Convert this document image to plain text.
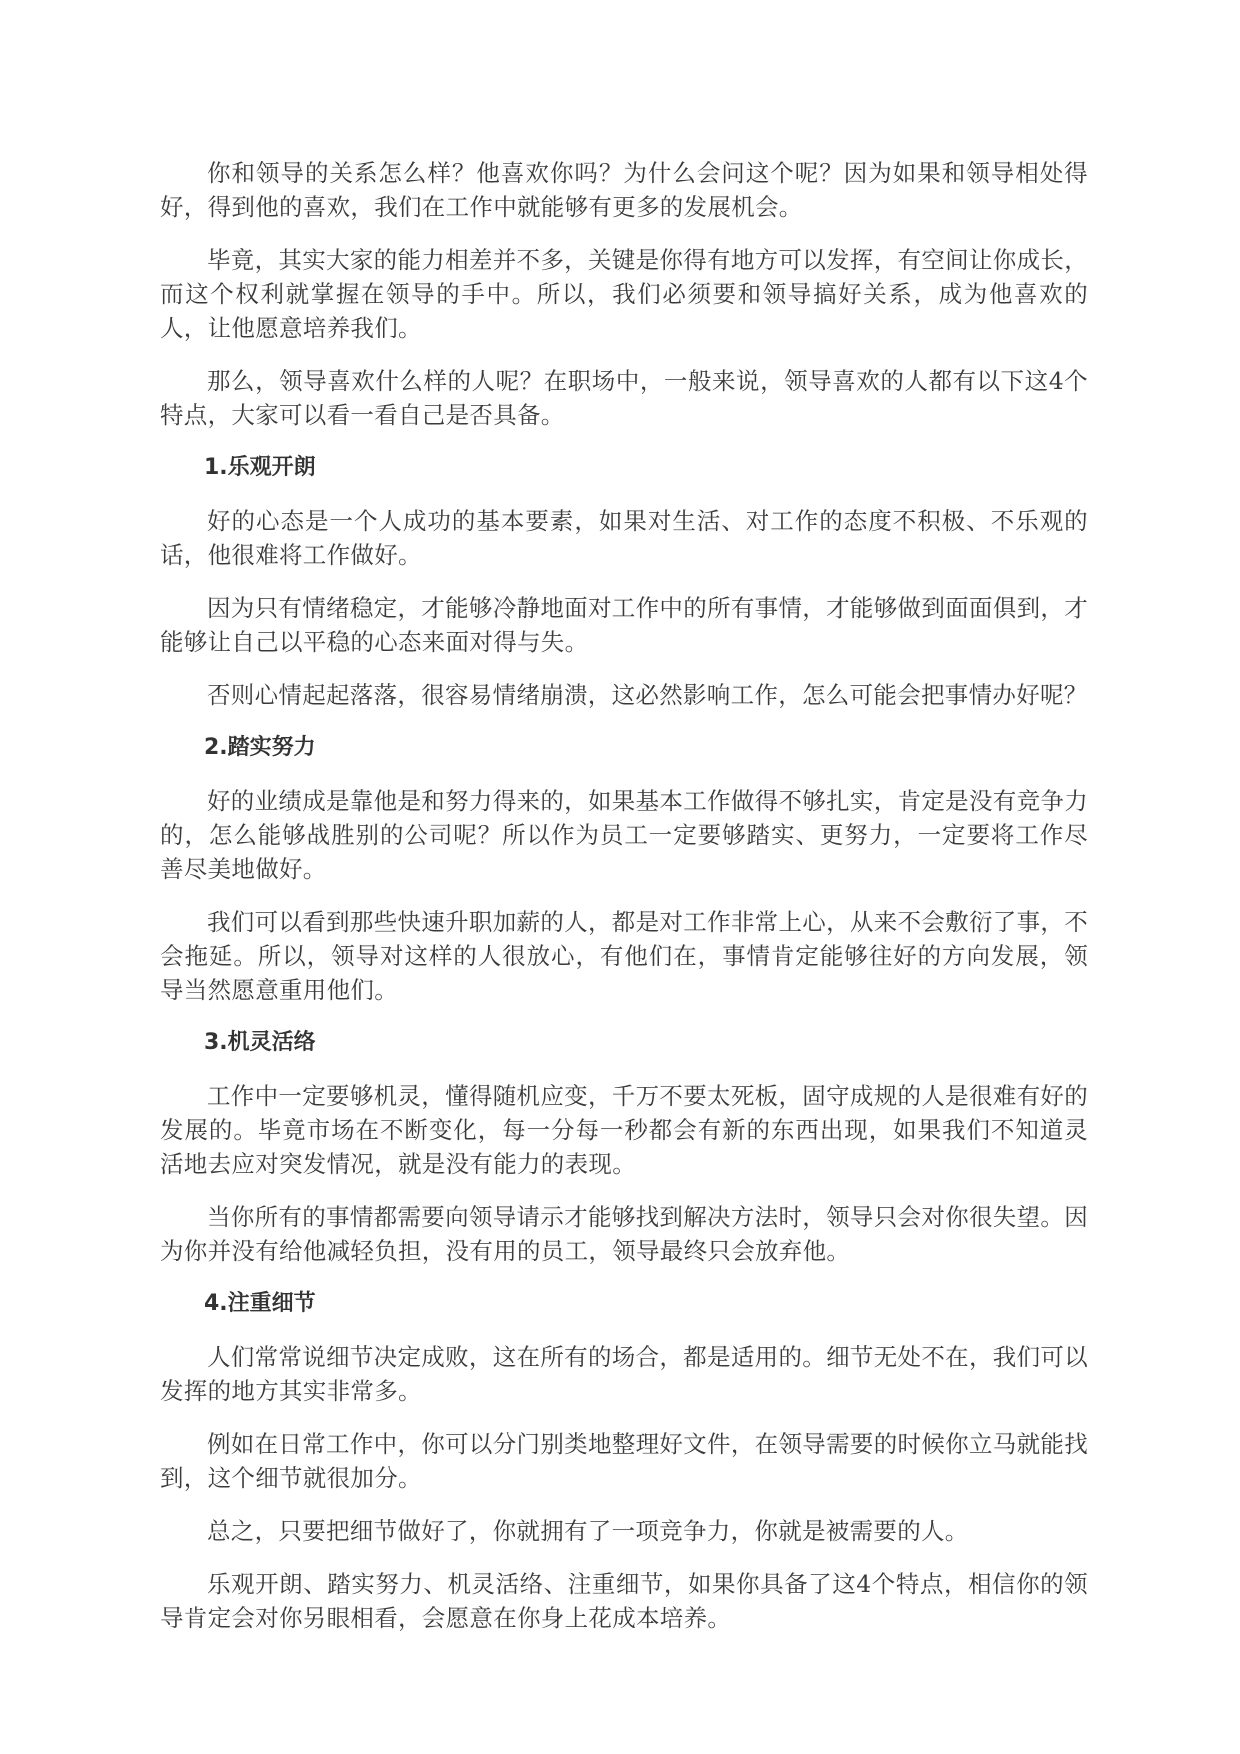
你和领导的关系怎么样？他喜欢你吗？为什么会问这个呢？因为如果和领导相处得好，得到他的喜欢，我们在工作中就能够有更多的发展机会。

毕竟，其实大家的能力相差并不多，关键是你得有地方可以发挥，有空间让你成长，而这个权利就掌握在领导的手中。所以，我们必须要和领导搞好关系，成为他喜欢的人，让他愿意培养我们。

那么，领导喜欢什么样的人呢？在职场中，一般来说，领导喜欢的人都有以下这4个特点，大家可以看一看自己是否具备。

1.乐观开朗

好的心态是一个人成功的基本要素，如果对生活、对工作的态度不积极、不乐观的话，他很难将工作做好。

因为只有情绪稳定，才能够冷静地面对工作中的所有事情，才能够做到面面俱到，才能够让自己以平稳的心态来面对得与失。

否则心情起起落落，很容易情绪崩溃，这必然影响工作，怎么可能会把事情办好呢？

2.踏实努力

好的业绩成是靠他是和努力得来的，如果基本工作做得不够扎实，肯定是没有竞争力的，怎么能够战胜别的公司呢？所以作为员工一定要够踏实、更努力，一定要将工作尽善尽美地做好。

我们可以看到那些快速升职加薪的人，都是对工作非常上心，从来不会敷衍了事，不会拖延。所以，领导对这样的人很放心，有他们在，事情肯定能够往好的方向发展，领导当然愿意重用他们。

3.机灵活络

工作中一定要够机灵，懂得随机应变，千万不要太死板，固守成规的人是很难有好的发展的。毕竟市场在不断变化，每一分每一秒都会有新的东西出现，如果我们不知道灵活地去应对突发情况，就是没有能力的表现。

当你所有的事情都需要向领导请示才能够找到解决方法时，领导只会对你很失望。因为你并没有给他减轻负担，没有用的员工，领导最终只会放弃他。

4.注重细节

人们常常说细节决定成败，这在所有的场合，都是适用的。细节无处不在，我们可以发挥的地方其实非常多。

例如在日常工作中，你可以分门别类地整理好文件，在领导需要的时候你立马就能找到，这个细节就很加分。

总之，只要把细节做好了，你就拥有了一项竞争力，你就是被需要的人。

乐观开朗、踏实努力、机灵活络、注重细节，如果你具备了这4个特点，相信你的领导肯定会对你另眼相看，会愿意在你身上花成本培养。
